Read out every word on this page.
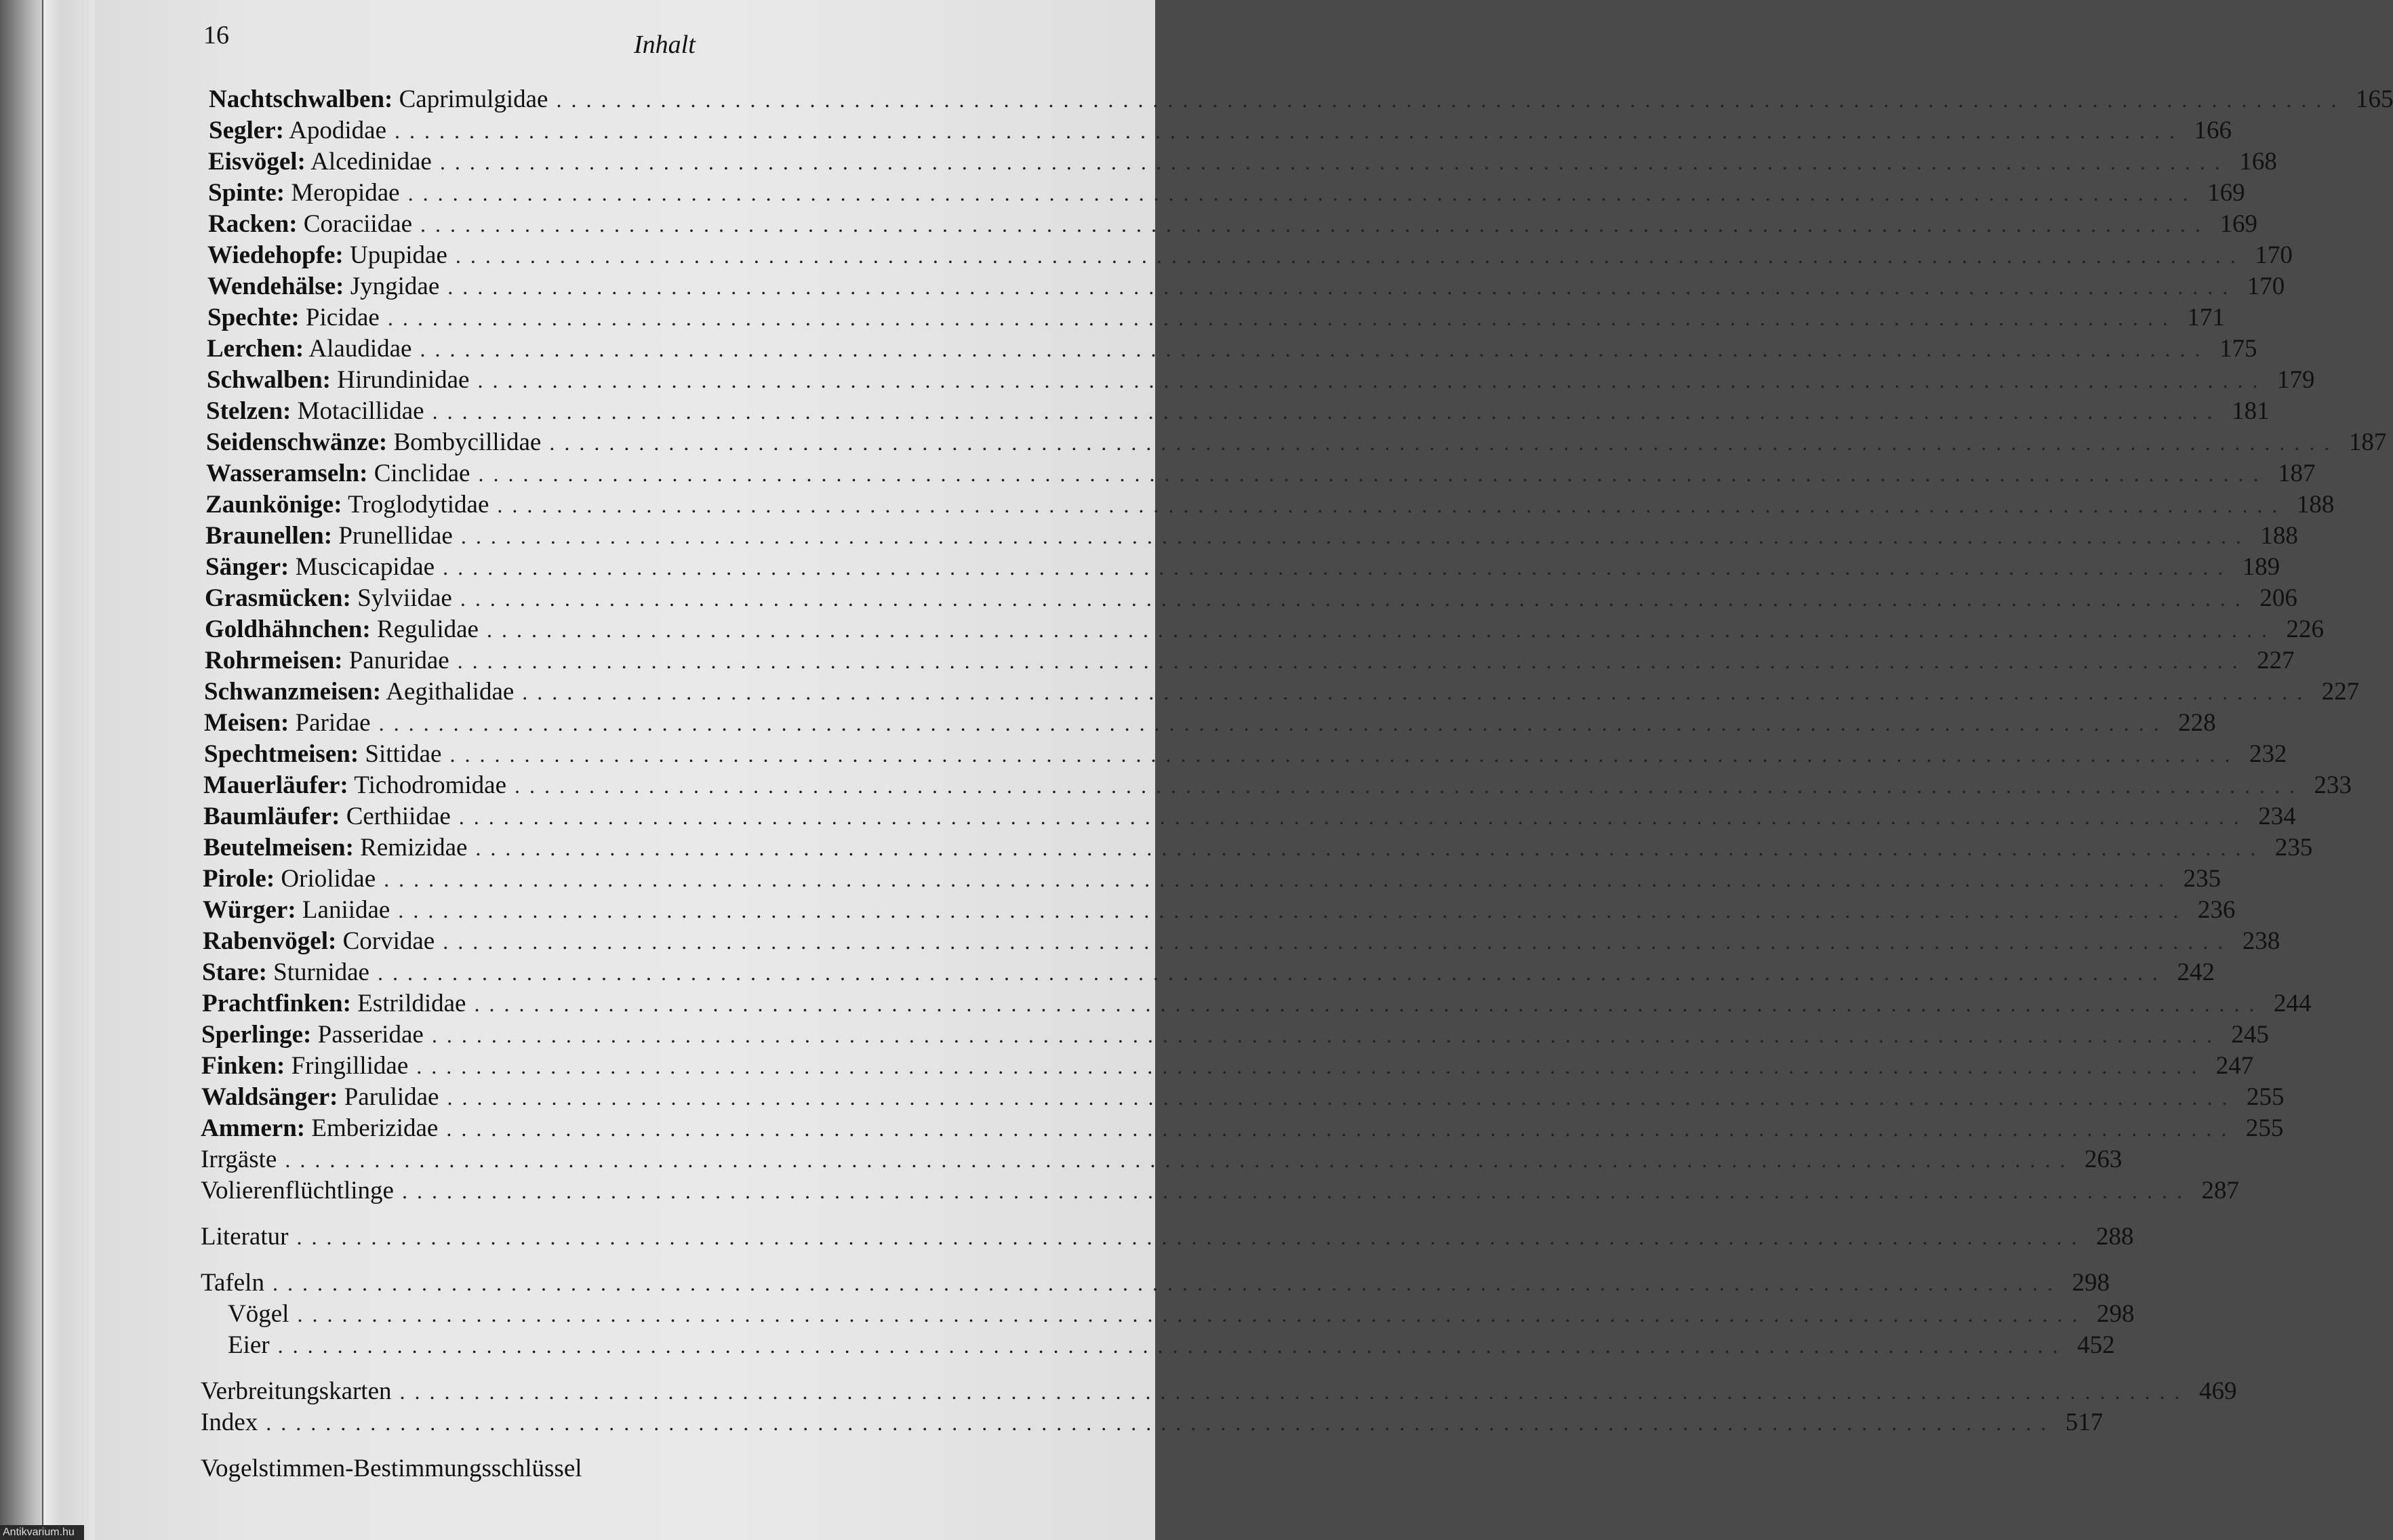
16	Inhalt
Nachtschwalben: Caprimulgidae ........................................................................................................................ 165
Segler: Apodidae ........................................................................................................................ 166
Eisvögel: Alcedinidae ........................................................................................................................ 168
Spinte: Meropidae ........................................................................................................................ 169
Racken: Coraciidae ........................................................................................................................ 169
Wiedehopfe: Upupidae ........................................................................................................................ 170
Wendehälse: Jyngidae ........................................................................................................................ 170
Spechte: Picidae ........................................................................................................................ 171
Lerchen: Alaudidae ........................................................................................................................ 175
Schwalben: Hirundinidae ........................................................................................................................ 179
Stelzen: Motacillidae ........................................................................................................................ 181
Seidenschwänze: Bombycillidae ........................................................................................................................ 187
Wasseramseln: Cinclidae ........................................................................................................................ 187
Zaunkönige: Troglodytidae ........................................................................................................................ 188
Braunellen: Prunellidae ........................................................................................................................ 188
Sänger: Muscicapidae ........................................................................................................................ 189
Grasmücken: Sylviidae ........................................................................................................................ 206
Goldhähnchen: Regulidae ........................................................................................................................ 226
Rohrmeisen: Panuridae ........................................................................................................................ 227
Schwanzmeisen: Aegithalidae ........................................................................................................................ 227
Meisen: Paridae ........................................................................................................................ 228
Spechtmeisen: Sittidae ........................................................................................................................ 232
Mauerläufer: Tichodromidae ........................................................................................................................ 233
Baumläufer: Certhiidae ........................................................................................................................ 234
Beutelmeisen: Remizidae ........................................................................................................................ 235
Pirole: Oriolidae ........................................................................................................................ 235
Würger: Laniidae ........................................................................................................................ 236
Rabenvögel: Corvidae ........................................................................................................................ 238
Stare: Sturnidae ........................................................................................................................ 242
Prachtfinken: Estrildidae ........................................................................................................................ 244
Sperlinge: Passeridae ........................................................................................................................ 245
Finken: Fringillidae ........................................................................................................................ 247
Waldsänger: Parulidae ........................................................................................................................ 255
Ammern: Emberizidae ........................................................................................................................ 255
Irrgäste ........................................................................................................................ 263
Volierenflüchtlinge ........................................................................................................................ 287
Literatur ........................................................................................................................ 288
Tafeln ........................................................................................................................ 298
Vögel ........................................................................................................................ 298
Eier ........................................................................................................................ 452
Verbreitungskarten ........................................................................................................................ 469
Index ........................................................................................................................ 517
Vogelstimmen-Bestimmungsschlüssel
Antikvarium.hu
